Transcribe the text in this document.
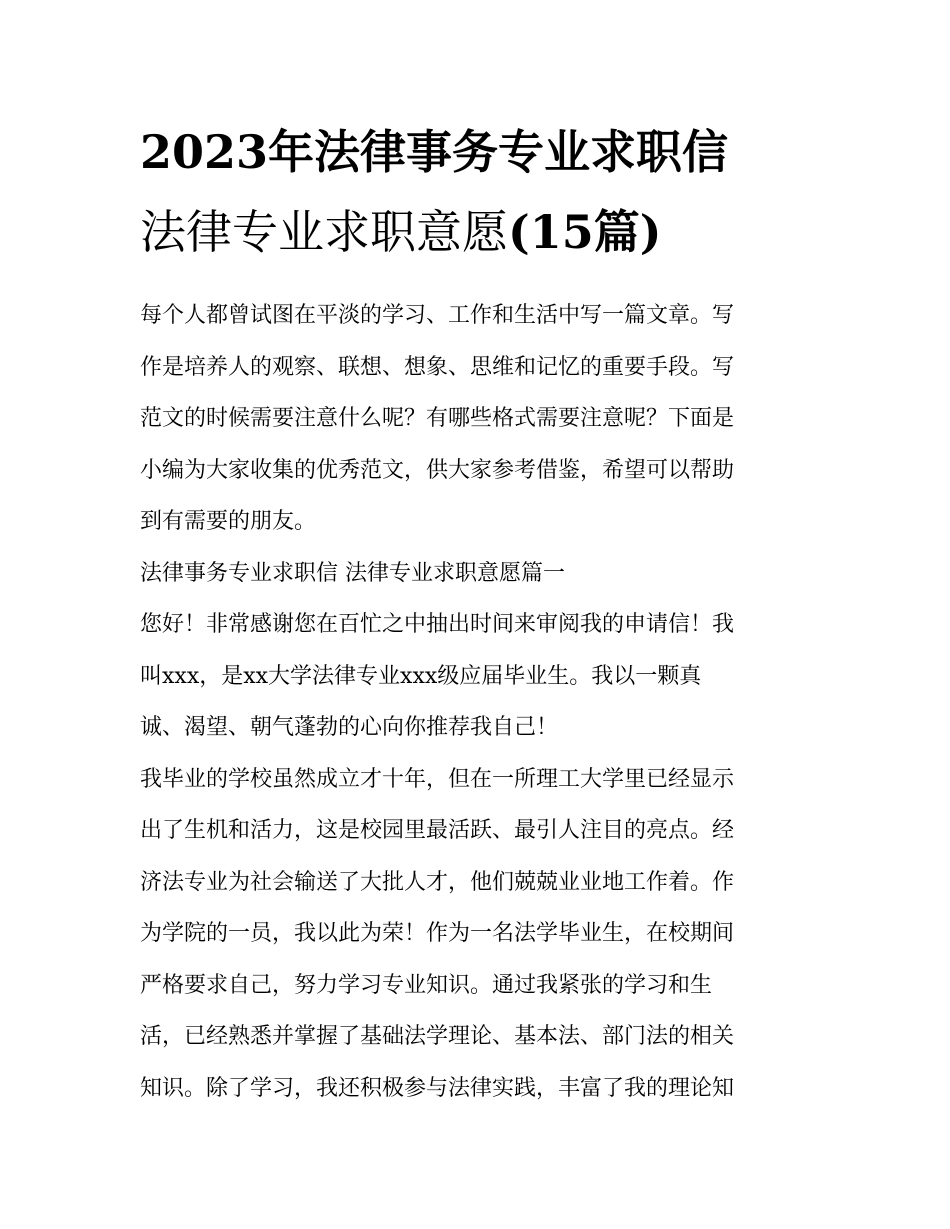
2023年法律事务专业求职信
法律专业求职意愿(15篇)

每个人都曾试图在平淡的学习、工作和生活中写一篇文章。写

作是培养人的观察、联想、想象、思维和记忆的重要手段。写

范文的时候需要注意什么呢？有哪些格式需要注意呢？下面是

小编为大家收集的优秀范文，供大家参考借鉴，希望可以帮助

到有需要的朋友。

法律事务专业求职信 法律专业求职意愿篇一

您好！非常感谢您在百忙之中抽出时间来审阅我的申请信！我

叫xxx，是xx大学法律专业xxx级应届毕业生。我以一颗真

诚、渴望、朝气蓬勃的心向你推荐我自己！

我毕业的学校虽然成立才十年，但在一所理工大学里已经显示

出了生机和活力，这是校园里最活跃、最引人注目的亮点。经

济法专业为社会输送了大批人才，他们兢兢业业地工作着。作

为学院的一员，我以此为荣！作为一名法学毕业生，在校期间

严格要求自己，努力学习专业知识。通过我紧张的学习和生

活，已经熟悉并掌握了基础法学理论、基本法、部门法的相关

知识。除了学习，我还积极参与法律实践，丰富了我的理论知
